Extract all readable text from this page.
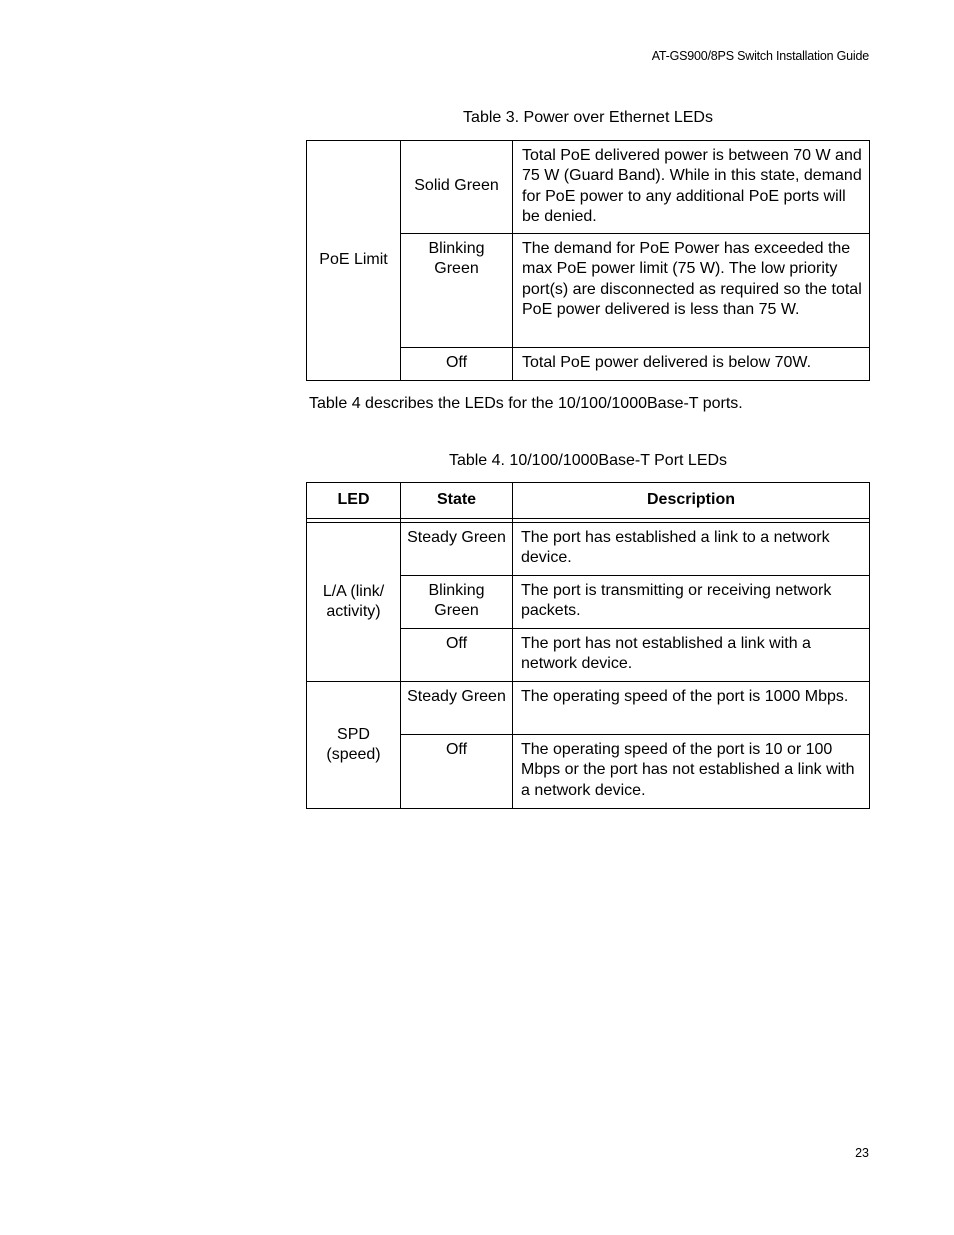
AT-GS900/8PS Switch Installation Guide
Table 3. Power over Ethernet LEDs
PoE Limit	Solid Green	Total PoE delivered power is between 70 W and 75 W (Guard Band). While in this state, demand for PoE power to any additional PoE ports will be denied.
	Blinking Green	The demand for PoE Power has exceeded the max PoE power limit (75 W). The low priority port(s) are disconnected as required so the total PoE power delivered is less than 75 W.
	Off	Total PoE power delivered is below 70W.
Table 4 describes the LEDs for the 10/100/1000Base-T ports.
Table 4. 10/100/1000Base-T Port LEDs
LED	State	Description

L/A (link/ activity)	Steady Green	The port has established a link to a network device.
	Blinking Green	The port is transmitting or receiving network packets.
	Off	The port has not established a link with a network device.
SPD (speed)	Steady Green	The operating speed of the port is 1000 Mbps.
	Off	The operating speed of the port is 10 or 100 Mbps or the port has not established a link with a network device.
23
